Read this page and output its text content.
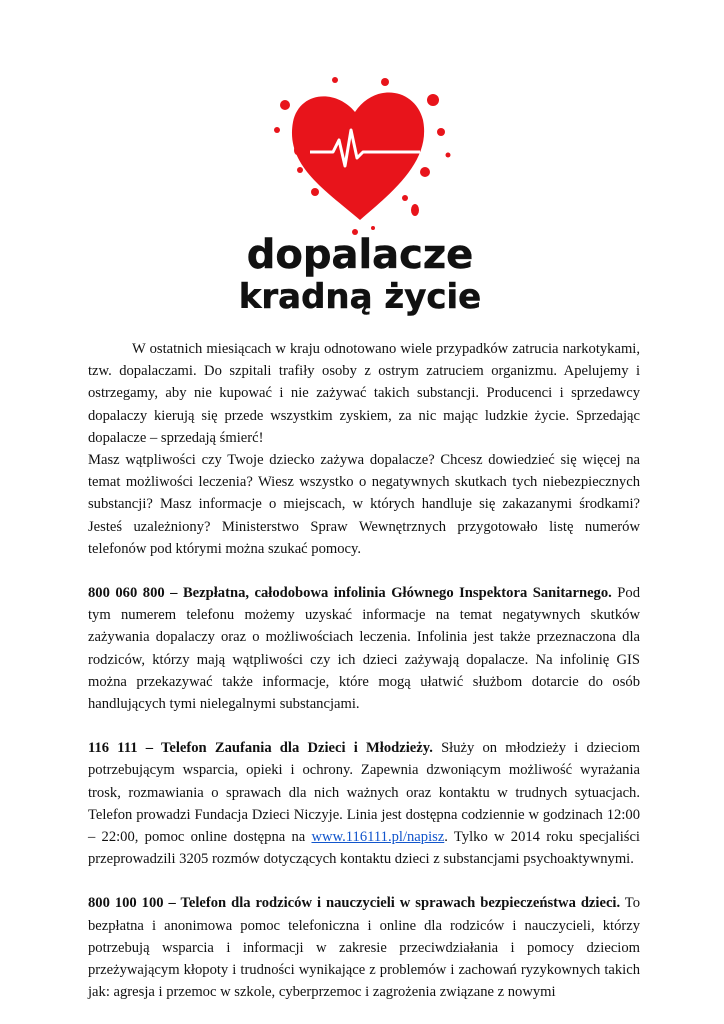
dopalacze
kradną życie

W ostatnich miesiącach w kraju odnotowano wiele przypadków zatrucia narkotykami, tzw. dopalaczami. Do szpitali trafiły osoby z ostrym zatruciem organizmu. Apelujemy i ostrzegamy, aby nie kupować i nie zażywać takich substancji. Producenci i sprzedawcy dopalaczy kierują się przede wszystkim zyskiem, za nic mając ludzkie życie. Sprzedając dopalacze – sprzedają śmierć!

Masz wątpliwości czy Twoje dziecko zażywa dopalacze? Chcesz dowiedzieć się więcej na temat możliwości leczenia? Wiesz wszystko o negatywnych skutkach tych niebezpiecznych substancji? Masz informacje o miejscach, w których handluje się zakazanymi środkami? Jesteś uzależniony? Ministerstwo Spraw Wewnętrznych przygotowało listę numerów telefonów pod którymi można szukać pomocy.

800 060 800 – Bezpłatna, całodobowa infolinia Głównego Inspektora Sanitarnego. Pod tym numerem telefonu możemy uzyskać informacje na temat negatywnych skutków zażywania dopalaczy oraz o możliwościach leczenia. Infolinia jest także przeznaczona dla rodziców, którzy mają wątpliwości czy ich dzieci zażywają dopalacze. Na infolinię GIS można przekazywać także informacje, które mogą ułatwić służbom dotarcie do osób handlujących tymi nielegalnymi substancjami.

116 111 – Telefon Zaufania dla Dzieci i Młodzieży. Służy on młodzieży i dzieciom potrzebującym wsparcia, opieki i ochrony. Zapewnia dzwoniącym możliwość wyrażania trosk, rozmawiania o sprawach dla nich ważnych oraz kontaktu w trudnych sytuacjach. Telefon prowadzi Fundacja Dzieci Niczyje. Linia jest dostępna codziennie w godzinach 12:00 – 22:00, pomoc online dostępna na www.116111.pl/napisz. Tylko w 2014 roku specjaliści przeprowadzili 3205 rozmów dotyczących kontaktu dzieci z substancjami psychoaktywnymi.

800 100 100 – Telefon dla rodziców i nauczycieli w sprawach bezpieczeństwa dzieci. To bezpłatna i anonimowa pomoc telefoniczna i online dla rodziców i nauczycieli, którzy potrzebują wsparcia i informacji w zakresie przeciwdziałania i pomocy dzieciom przeżywającym kłopoty i trudności wynikające z problemów i zachowań ryzykownych takich jak: agresja i przemoc w szkole, cyberprzemoc i zagrożenia związane z nowymi
